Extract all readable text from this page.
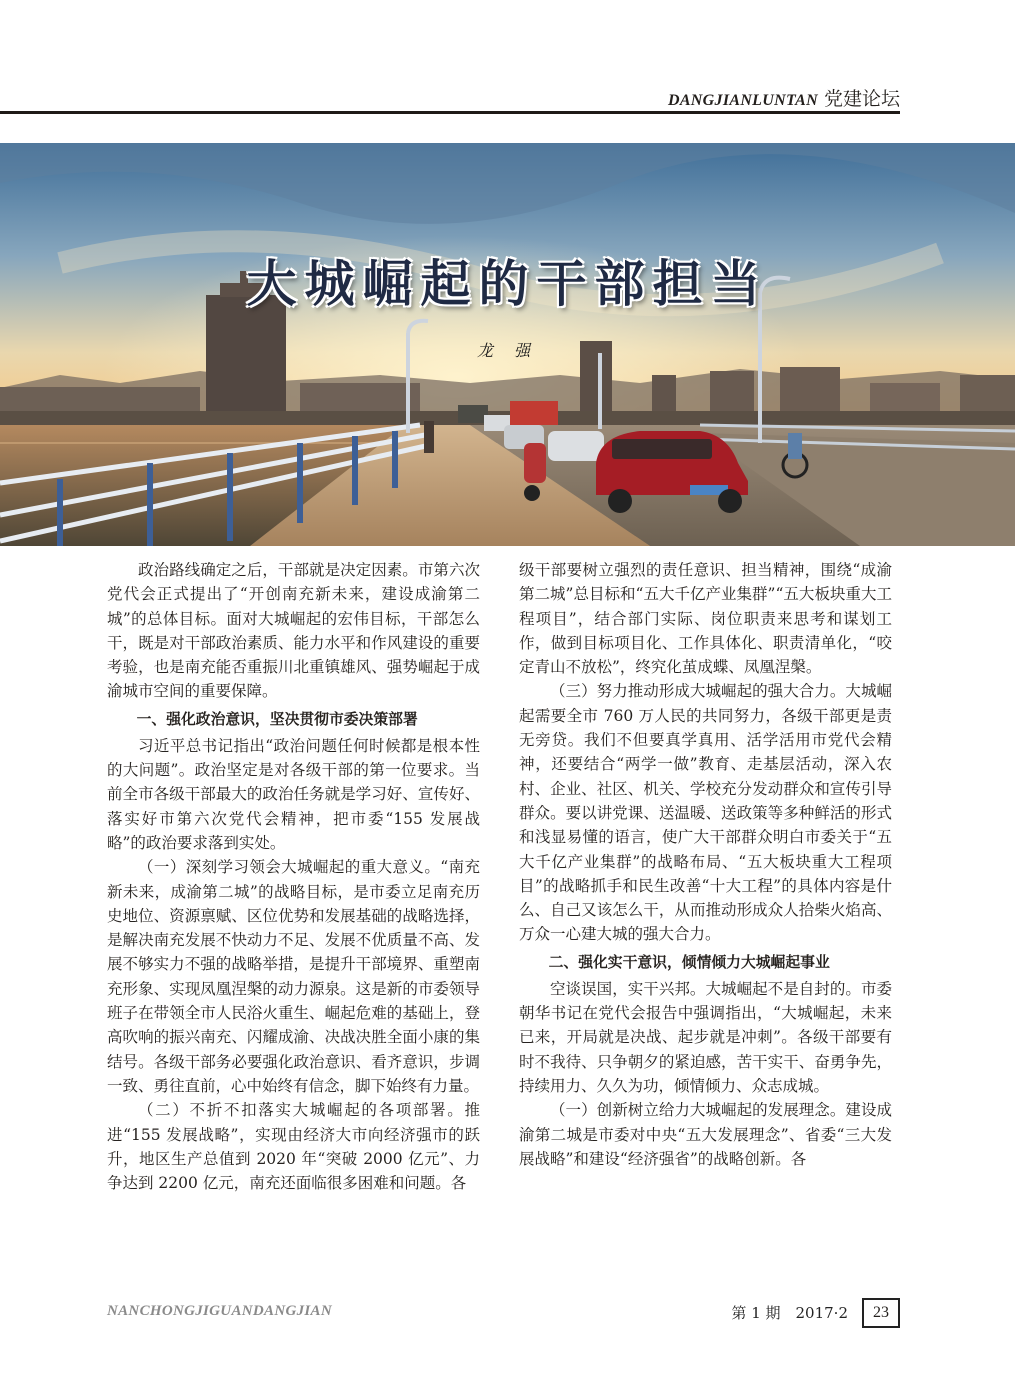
DANGJIANLUNTAN 党建论坛
大城崛起的干部担当
龙 强

政治路线确定之后，干部就是决定因素。市第六次党代会正式提出了“开创南充新未来，建设成渝第二城”的总体目标。面对大城崛起的宏伟目标，干部怎么干，既是对干部政治素质、能力水平和作风建设的重要考验，也是南充能否重振川北重镇雄风、强势崛起于成渝城市空间的重要保障。

一、强化政治意识，坚决贯彻市委决策部署

习近平总书记指出“政治问题任何时候都是根本性的大问题”。政治坚定是对各级干部的第一位要求。当前全市各级干部最大的政治任务就是学习好、宣传好、落实好市第六次党代会精神，把市委“155 发展战略”的政治要求落到实处。

（一）深刻学习领会大城崛起的重大意义。“南充新未来，成渝第二城”的战略目标，是市委立足南充历史地位、资源禀赋、区位优势和发展基础的战略选择，是解决南充发展不快动力不足、发展不优质量不高、发展不够实力不强的战略举措，是提升干部境界、重塑南充形象、实现凤凰涅槃的动力源泉。这是新的市委领导班子在带领全市人民浴火重生、崛起危难的基础上，登高吹响的振兴南充、闪耀成渝、决战决胜全面小康的集结号。各级干部务必要强化政治意识、看齐意识，步调一致、勇往直前，心中始终有信念，脚下始终有力量。

（二）不折不扣落实大城崛起的各项部署。推进“155 发展战略”，实现由经济大市向经济强市的跃升，地区生产总值到 2020 年“突破 2000 亿元”、力争达到 2200 亿元，南充还面临很多困难和问题。各

级干部要树立强烈的责任意识、担当精神，围绕“成渝第二城”总目标和“五大千亿产业集群”“五大板块重大工程项目”，结合部门实际、岗位职责来思考和谋划工作，做到目标项目化、工作具体化、职责清单化，“咬定青山不放松”，终究化茧成蝶、凤凰涅槃。

（三）努力推动形成大城崛起的强大合力。大城崛起需要全市 760 万人民的共同努力，各级干部更是责无旁贷。我们不但要真学真用、活学活用市党代会精神，还要结合“两学一做”教育、走基层活动，深入农村、企业、社区、机关、学校充分发动群众和宣传引导群众。要以讲党课、送温暖、送政策等多种鲜活的形式和浅显易懂的语言，使广大干部群众明白市委关于“五大千亿产业集群”的战略布局、“五大板块重大工程项目”的战略抓手和民生改善“十大工程”的具体内容是什么、自己又该怎么干，从而推动形成众人拾柴火焰高、万众一心建大城的强大合力。

二、强化实干意识，倾情倾力大城崛起事业

空谈误国，实干兴邦。大城崛起不是自封的。市委朝华书记在党代会报告中强调指出，“大城崛起，未来已来，开局就是决战、起步就是冲刺”。各级干部要有时不我待、只争朝夕的紧迫感，苦干实干、奋勇争先，持续用力、久久为功，倾情倾力、众志成城。

（一）创新树立给力大城崛起的发展理念。建设成渝第二城是市委对中央“五大发展理念”、省委“三大发展战略”和建设“经济强省”的战略创新。各

NANCHONGJIGUANDANGJIAN	第 1 期　2017·2	23
